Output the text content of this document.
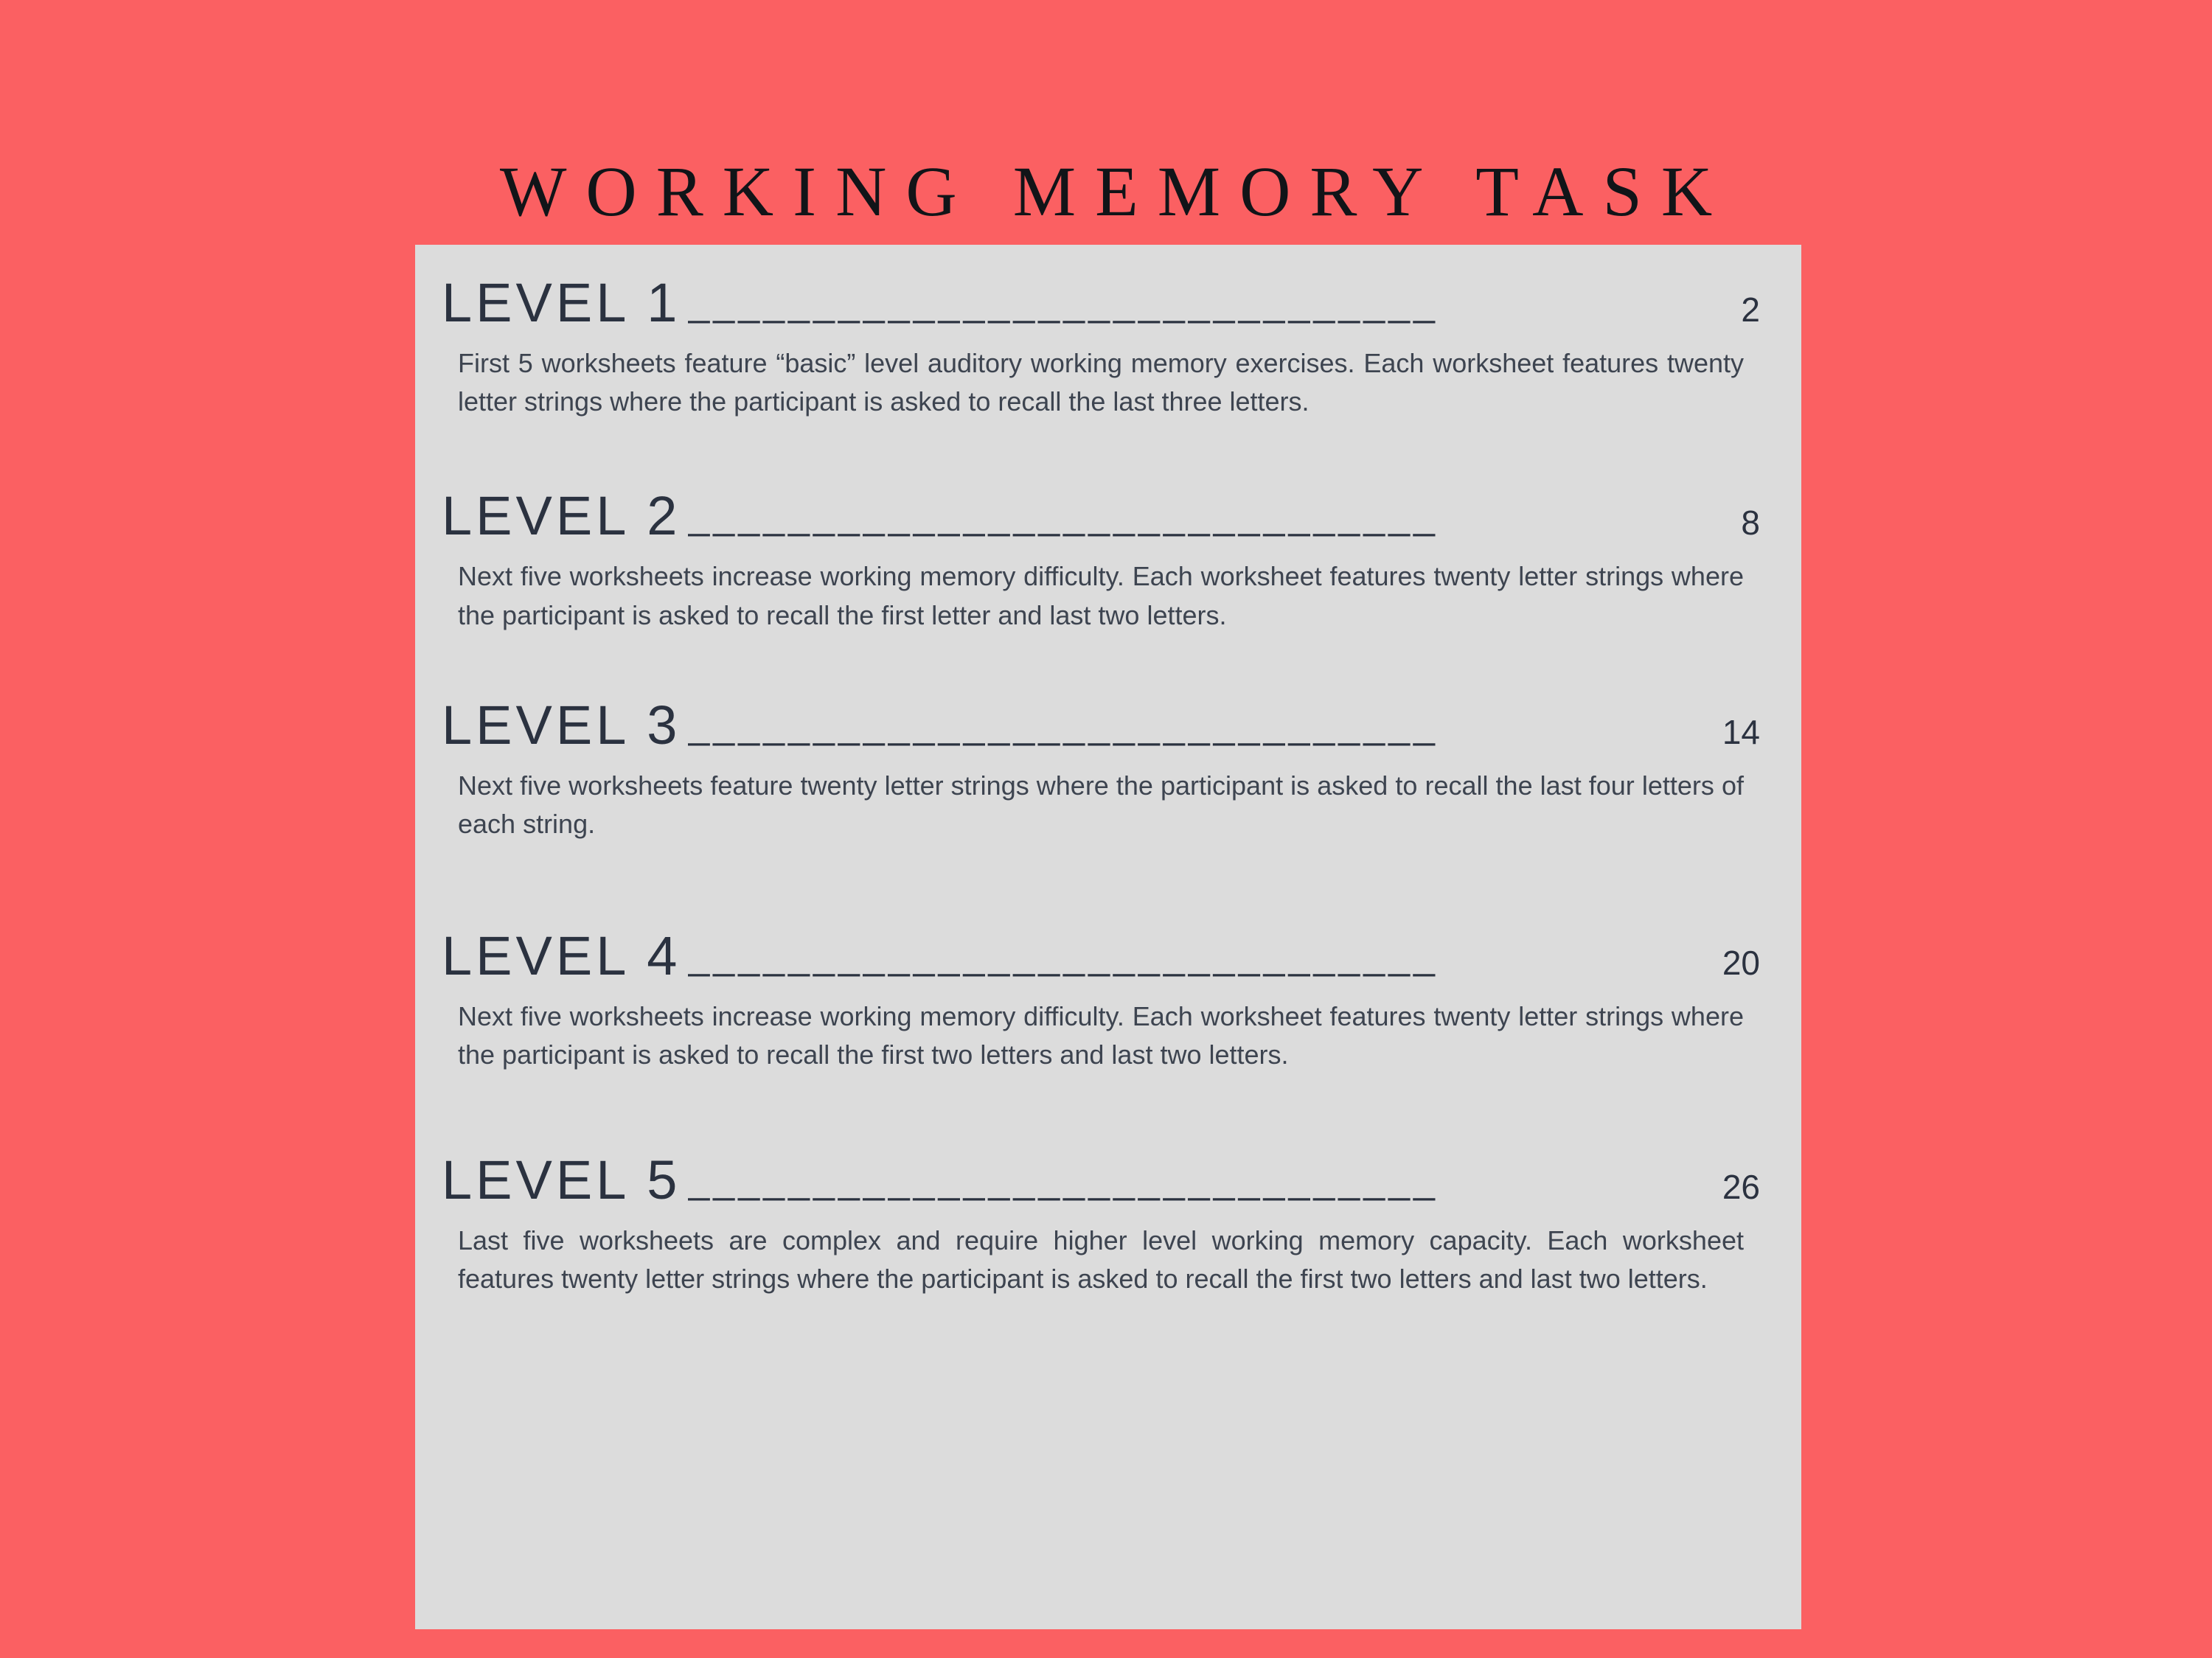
WORKING MEMORY TASK
LEVEL 1 ______________________________	2

First 5 worksheets feature “basic” level auditory working memory exercises. Each worksheet features twenty letter strings where the participant is asked to recall the last three letters.

LEVEL 2 ______________________________	8

Next five worksheets increase working memory difficulty. Each worksheet features twenty letter strings where the participant is asked to recall the first letter and last two letters.

LEVEL 3 ______________________________	14

Next five worksheets feature twenty letter strings where the participant is asked to recall the last four letters of each string.

LEVEL 4 ______________________________	20

Next five worksheets increase working memory difficulty. Each worksheet features twenty letter strings where the participant is asked to recall the first two letters and last two letters.

LEVEL 5 ______________________________	26

Last five worksheets are complex and require higher level working memory capacity. Each worksheet features twenty letter strings where the participant is asked to recall the first two letters and last two letters.
